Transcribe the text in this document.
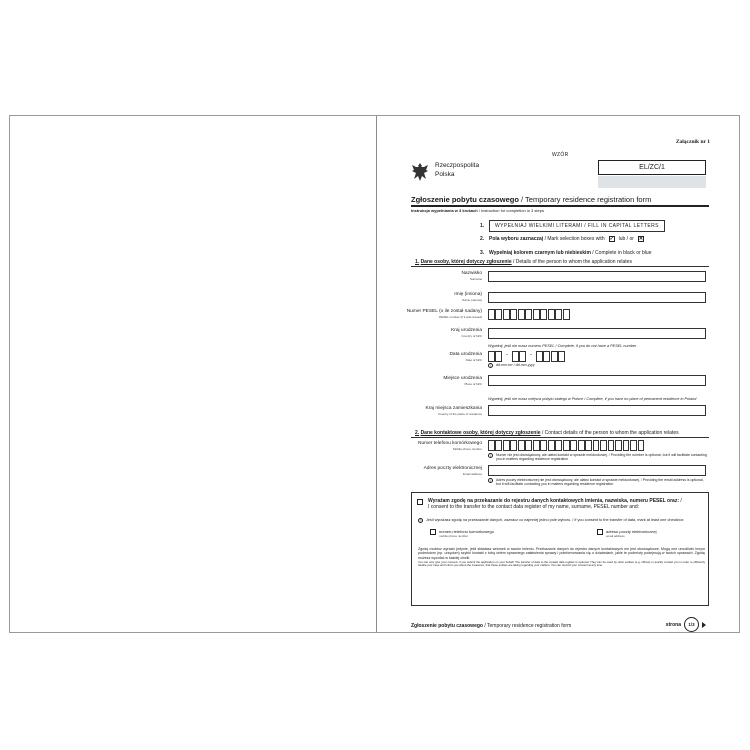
Załącznik nr 1
WZÓR
Rzeczpospolita
Polska
EL/ZC/1
Zgłoszenie pobytu czasowego / Temporary residence registration form
Instrukcja wypełniania w 3 krokach / Instruction for completion in 3 steps
1.	WYPEŁNIAJ WIELKIMI LITERAMI / FILL IN CAPITAL LETTERS
2. Pola wyboru zaznaczaj / Mark selection boxes with ✓ lub / or ✕
3. Wypełniaj kolorem czarnym lub niebieskim / Complete in black or blue
1. Dane osoby, której dotyczy zgłoszenie / Details of the person to whom the application relates
Nazwisko
Surname
Imię (imiona)
Name (names)
Numer PESEL (o ile został nadany)
PESEL number (if it was issued)
Kraj urodzenia
Country of birth
Wypełnij, jeśli nie masz numeru PESEL / Complete, if you do not have a PESEL number
Data urodzenia
Date of birth
-	-
i	dd-mm-rrrr / dd-mm-yyyy
Miejsce urodzenia
Place of birth
Wypełnij, jeśli nie masz miejsca pobytu stałego w Polsce / Complete, if you have no place of permanent residence in Poland
Kraj miejsca zamieszkania
Country of the place of residence
2. Dane kontaktowe osoby, której dotyczy zgłoszenie / Contact details of the person to whom the application relates
Numer telefonu komórkowego
Mobile phone number
i	Numer nie jest obowiązkowy, ale ułatwi kontakt w sprawie meldunkowej. / Providing the number is optional, but it will facilitate contacting you in matters regarding residence registration
Adres poczty elektronicznej
Email address
i	Adres poczty elektronicznej nie jest obowiązkowy, ale ułatwi kontakt w sprawie meldunkowej. / Providing the email address is optional, but it will facilitate contacting you in matters regarding residence registration
Wyrażam zgodę na przekazanie do rejestru danych kontaktowych imienia, nazwiska, numeru PESEL oraz: /
I consent to the transfer to the contact data register of my name, surname, PESEL number and:
?	Jeśli wyrażasz zgodę na przekazanie danych, zaznacz co najmniej jedno pole wyboru. / If you consent to the transfer of data, mark at least one checkbox
numeru telefonu komórkowego
mobile phone number
adresu poczty elektronicznej
email address
Zgodę możesz wyrazić jedynie, jeśli składasz wniosek w swoim imieniu. Przekazanie danych do rejestru danych kontaktowych nie jest obowiązkowe. Mogą one umożliwić innym podmiotom (np. urzędom) szybki kontakt z tobą celem sprawnego załatwienia sprawy i poinformowania cię o działaniach, jakie te podmioty podejmują w twoich sprawach. Zgodę możesz wycofać w każdej chwili.
You can only give your consent, if you submit the application on your behalf. The transfer of data to the contact data register is optional. They can be used by other entities (e.g. offices) to quickly contact you in order to efficiently handle your case and inform you about the measures, that these entities are taking regarding your matters. You can rescind your consent at any time.
Zgłoszenie pobytu czasowego / Temporary residence registration form	strona	1/3
